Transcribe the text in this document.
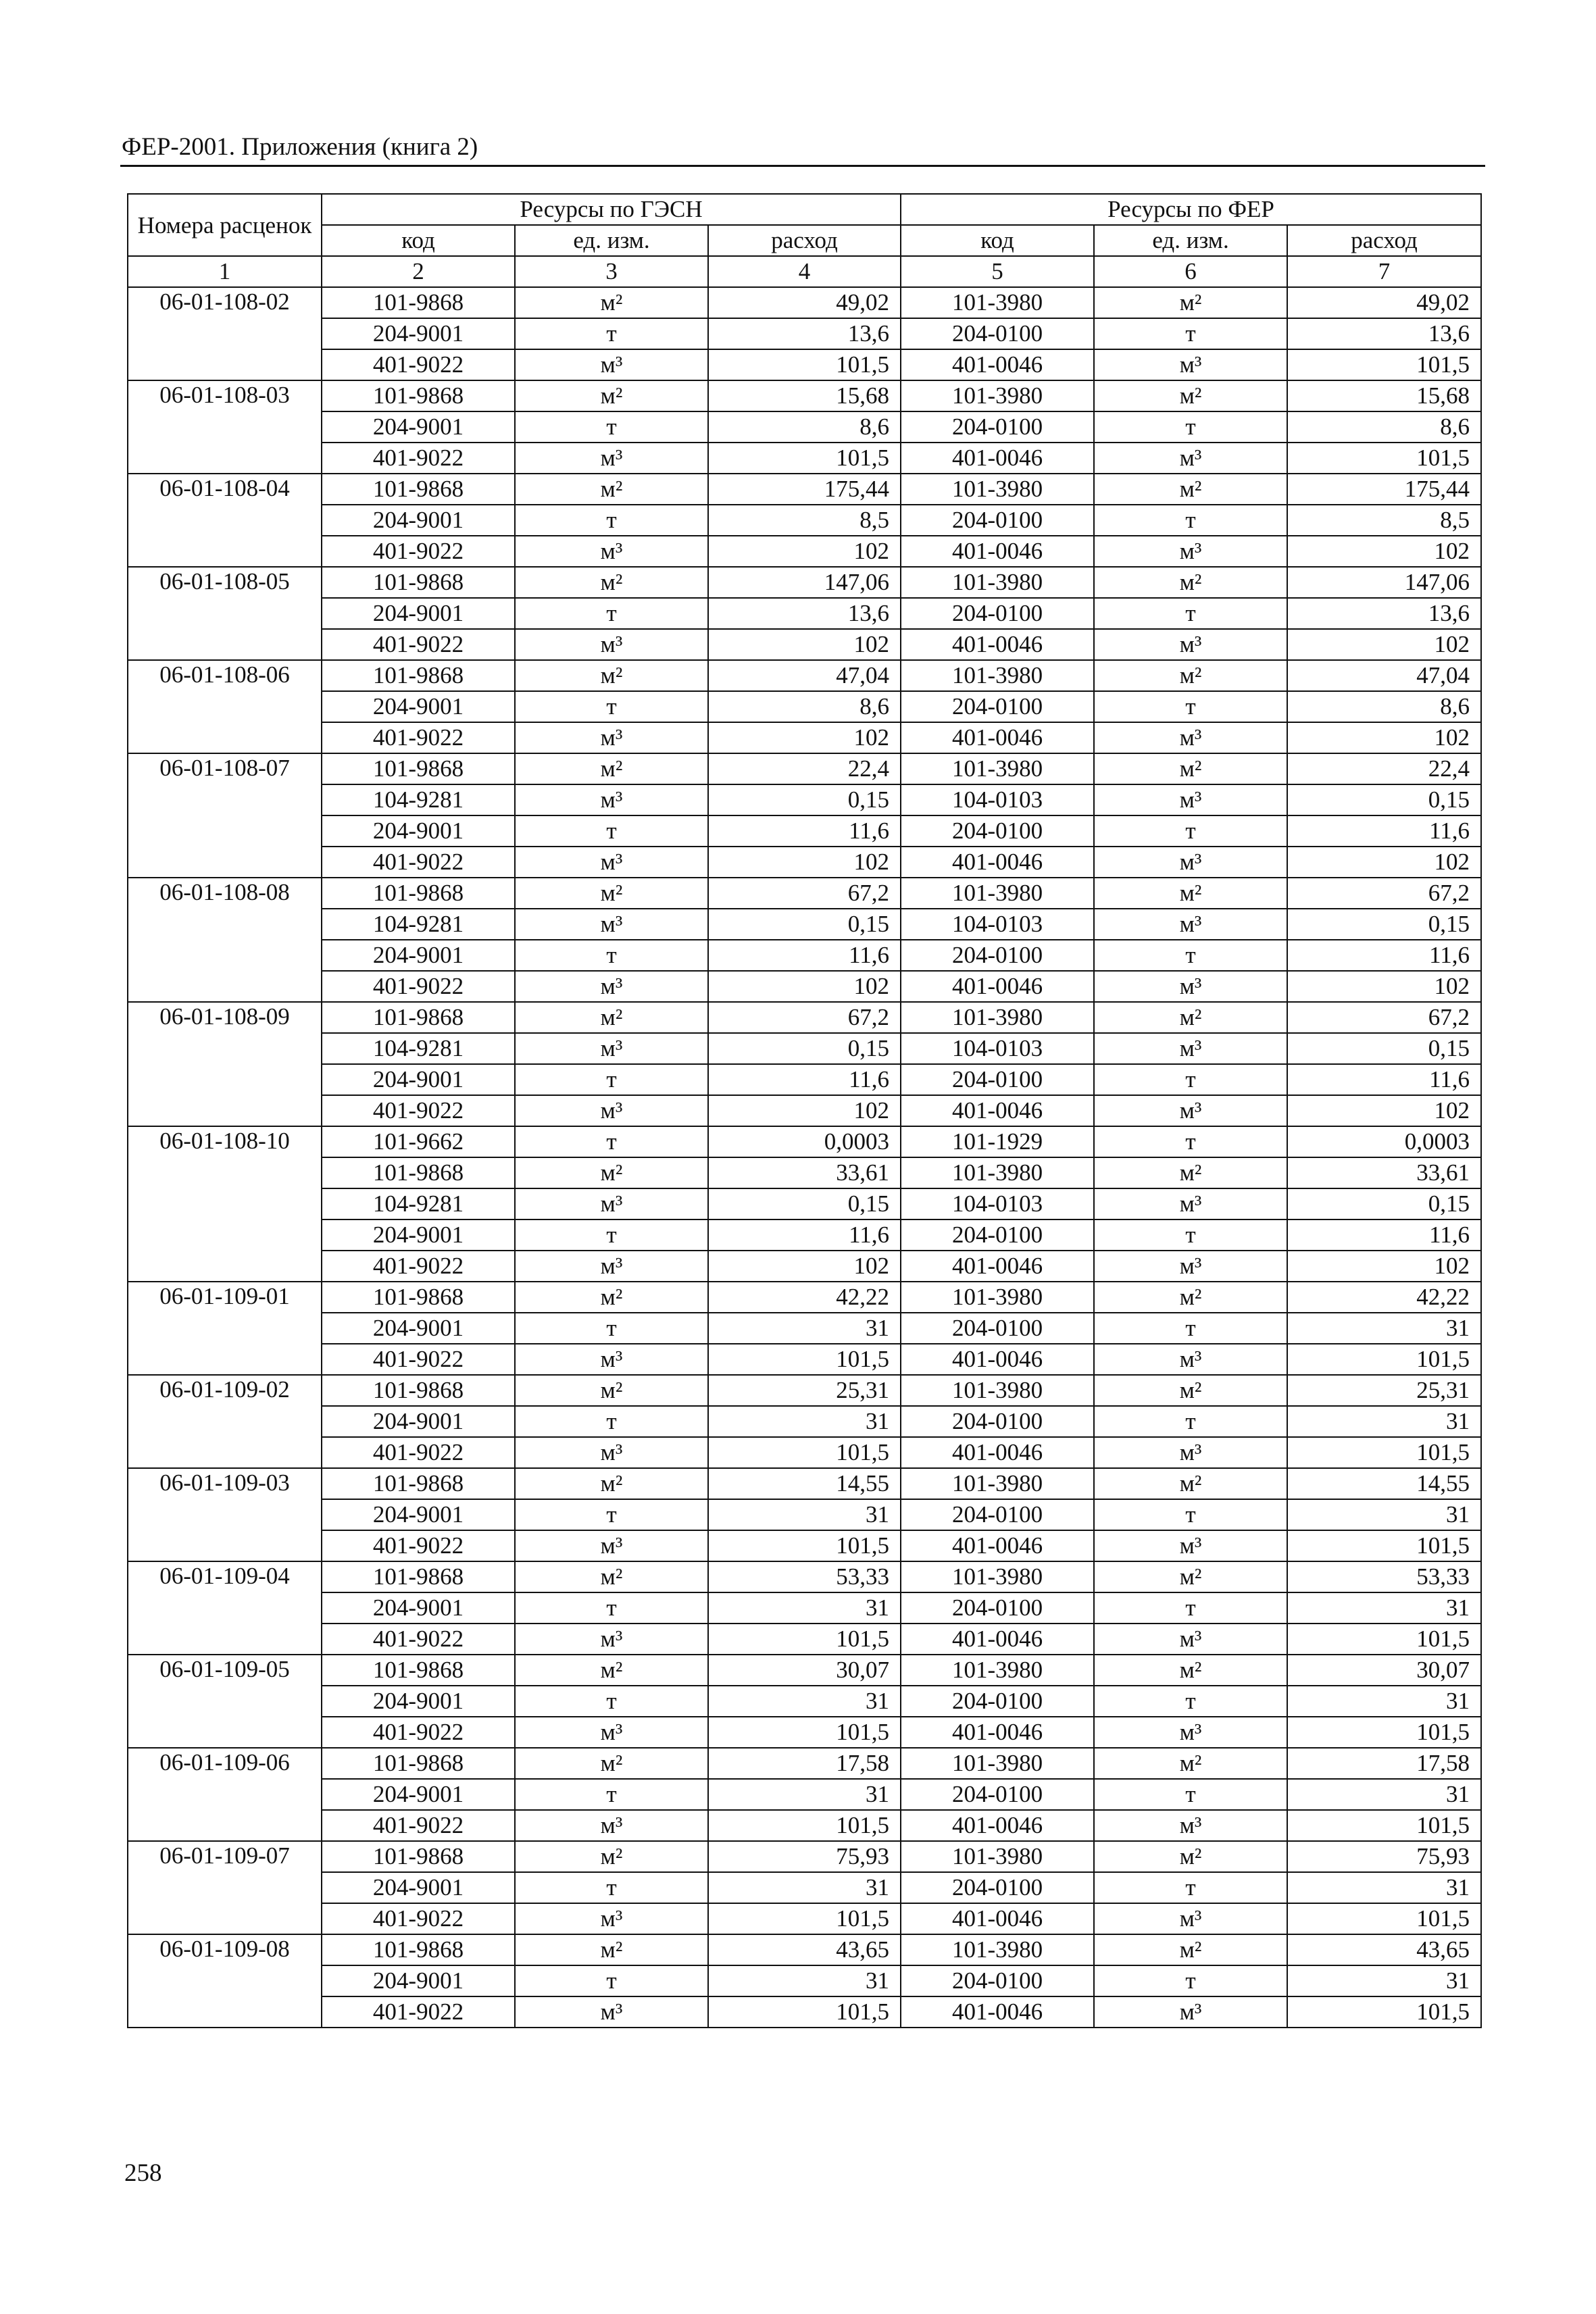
ФЕР-2001. Приложения (книга 2)
Номера расценок	Ресурсы по ГЭСН			Ресурсы по ФЕР		
	код	ед. изм.	расход	код	ед. изм.	расход
1	2	3	4	5	6	7
06-01-108-02	101-9868	м²	49,02	101-3980	м²	49,02
	204-9001	т	13,6	204-0100	т	13,6
	401-9022	м³	101,5	401-0046	м³	101,5
06-01-108-03	101-9868	м²	15,68	101-3980	м²	15,68
	204-9001	т	8,6	204-0100	т	8,6
	401-9022	м³	101,5	401-0046	м³	101,5
06-01-108-04	101-9868	м²	175,44	101-3980	м²	175,44
	204-9001	т	8,5	204-0100	т	8,5
	401-9022	м³	102	401-0046	м³	102
06-01-108-05	101-9868	м²	147,06	101-3980	м²	147,06
	204-9001	т	13,6	204-0100	т	13,6
	401-9022	м³	102	401-0046	м³	102
06-01-108-06	101-9868	м²	47,04	101-3980	м²	47,04
	204-9001	т	8,6	204-0100	т	8,6
	401-9022	м³	102	401-0046	м³	102
06-01-108-07	101-9868	м²	22,4	101-3980	м²	22,4
	104-9281	м³	0,15	104-0103	м³	0,15
	204-9001	т	11,6	204-0100	т	11,6
	401-9022	м³	102	401-0046	м³	102
06-01-108-08	101-9868	м²	67,2	101-3980	м²	67,2
	104-9281	м³	0,15	104-0103	м³	0,15
	204-9001	т	11,6	204-0100	т	11,6
	401-9022	м³	102	401-0046	м³	102
06-01-108-09	101-9868	м²	67,2	101-3980	м²	67,2
	104-9281	м³	0,15	104-0103	м³	0,15
	204-9001	т	11,6	204-0100	т	11,6
	401-9022	м³	102	401-0046	м³	102
06-01-108-10	101-9662	т	0,0003	101-1929	т	0,0003
	101-9868	м²	33,61	101-3980	м²	33,61
	104-9281	м³	0,15	104-0103	м³	0,15
	204-9001	т	11,6	204-0100	т	11,6
	401-9022	м³	102	401-0046	м³	102
06-01-109-01	101-9868	м²	42,22	101-3980	м²	42,22
	204-9001	т	31	204-0100	т	31
	401-9022	м³	101,5	401-0046	м³	101,5
06-01-109-02	101-9868	м²	25,31	101-3980	м²	25,31
	204-9001	т	31	204-0100	т	31
	401-9022	м³	101,5	401-0046	м³	101,5
06-01-109-03	101-9868	м²	14,55	101-3980	м²	14,55
	204-9001	т	31	204-0100	т	31
	401-9022	м³	101,5	401-0046	м³	101,5
06-01-109-04	101-9868	м²	53,33	101-3980	м²	53,33
	204-9001	т	31	204-0100	т	31
	401-9022	м³	101,5	401-0046	м³	101,5
06-01-109-05	101-9868	м²	30,07	101-3980	м²	30,07
	204-9001	т	31	204-0100	т	31
	401-9022	м³	101,5	401-0046	м³	101,5
06-01-109-06	101-9868	м²	17,58	101-3980	м²	17,58
	204-9001	т	31	204-0100	т	31
	401-9022	м³	101,5	401-0046	м³	101,5
06-01-109-07	101-9868	м²	75,93	101-3980	м²	75,93
	204-9001	т	31	204-0100	т	31
	401-9022	м³	101,5	401-0046	м³	101,5
06-01-109-08	101-9868	м²	43,65	101-3980	м²	43,65
	204-9001	т	31	204-0100	т	31
	401-9022	м³	101,5	401-0046	м³	101,5
258
